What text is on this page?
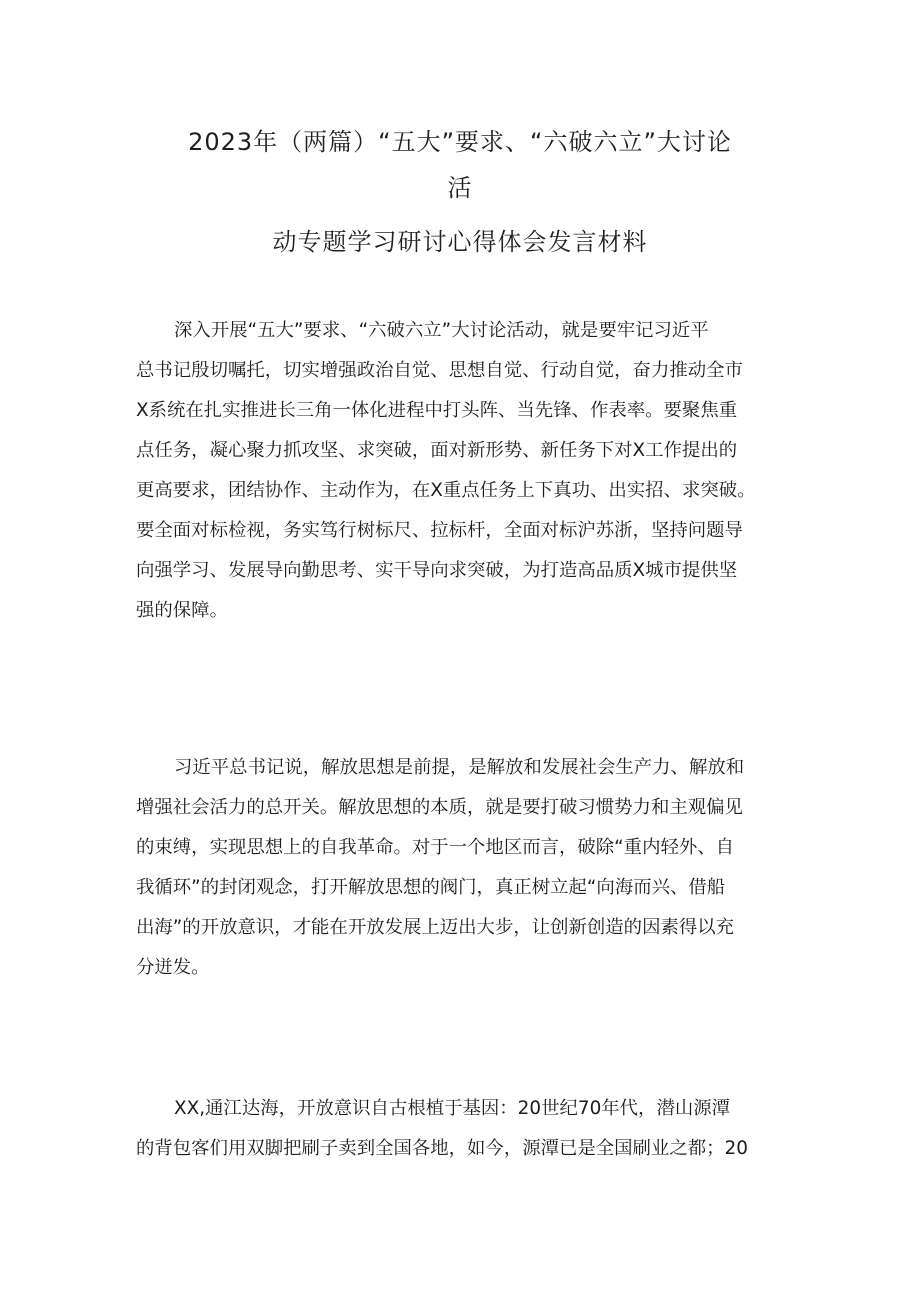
2023年（两篇）“五大”要求、“六破六立”大讨论
活
动专题学习研讨心得体会发言材料
深入开展“五大”要求、“六破六立”大讨论活动，就是要牢记习近平
总书记殷切嘱托，切实增强政治自觉、思想自觉、行动自觉，奋力推动全市
X系统在扎实推进长三角一体化进程中打头阵、当先锋、作表率。要聚焦重
点任务，凝心聚力抓攻坚、求突破，面对新形势、新任务下对X工作提出的
更高要求，团结协作、主动作为，在X重点任务上下真功、出实招、求突破。
要全面对标检视，务实笃行树标尺、拉标杆，全面对标沪苏浙，坚持问题导
向强学习、发展导向勤思考、实干导向求突破，为打造高品质X城市提供坚
强的保障。
习近平总书记说，解放思想是前提，是解放和发展社会生产力、解放和
增强社会活力的总开关。解放思想的本质，就是要打破习惯势力和主观偏见
的束缚，实现思想上的自我革命。对于一个地区而言，破除“重内轻外、自
我循环”的封闭观念，打开解放思想的阀门，真正树立起“向海而兴、借船
出海”的开放意识，才能在开放发展上迈出大步，让创新创造的因素得以充
分迸发。
XX,通江达海，开放意识自古根植于基因：20世纪70年代，潜山源潭
的背包客们用双脚把刷子卖到全国各地，如今，源潭已是全国刷业之都；20
